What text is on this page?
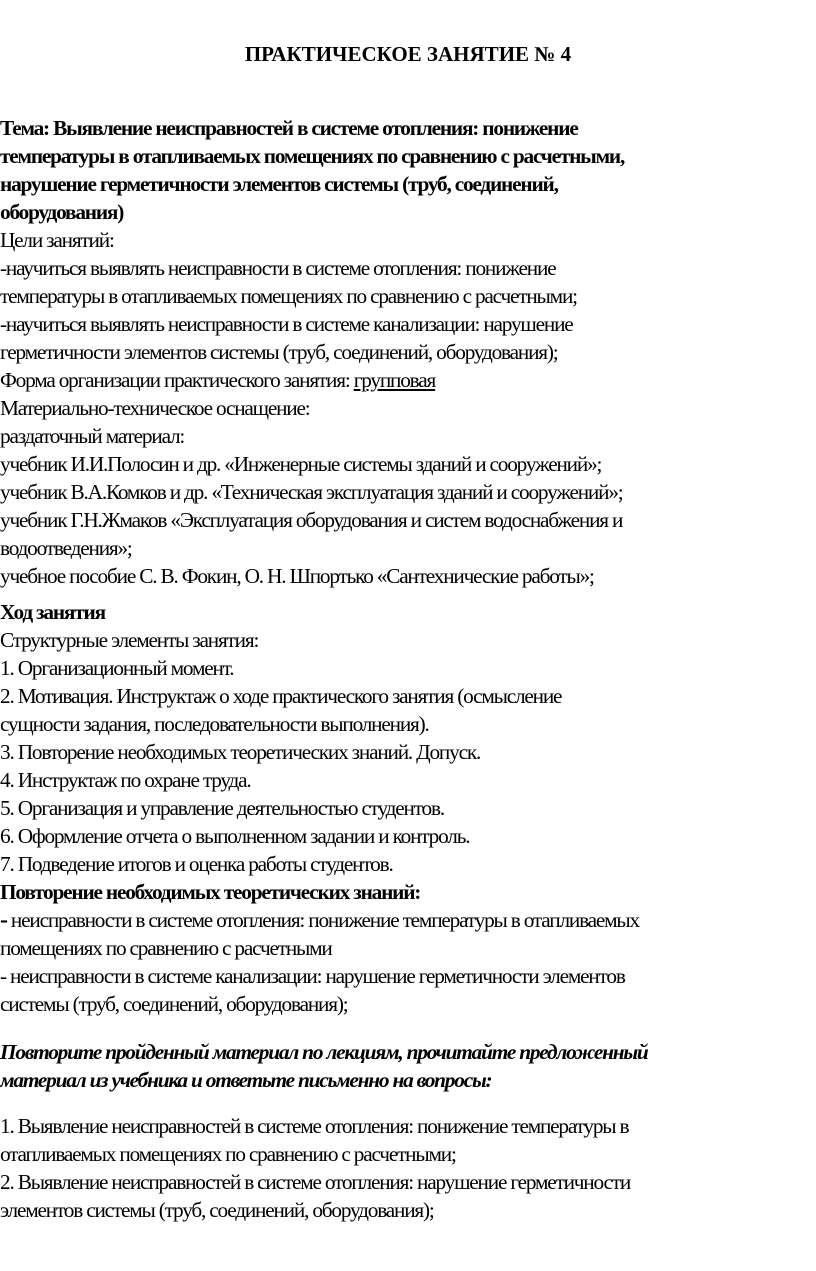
ПРАКТИЧЕСКОЕ ЗАНЯТИЕ № 4
Тема: Выявление неисправностей в системе отопления: понижение
температуры в отапливаемых помещениях по сравнению с расчетными,
нарушение герметичности элементов системы (труб, соединений,
оборудования)
Цели занятий:
-научиться выявлять неисправности в системе отопления: понижение
температуры в отапливаемых помещениях по сравнению с расчетными;
-научиться выявлять неисправности в системе канализации: нарушение
герметичности элементов системы (труб, соединений, оборудования);
Форма организации практического занятия: групповая
Материально-техническое оснащение:
раздаточный материал:
учебник И.И.Полосин и др. «Инженерные системы зданий и сооружений»;
учебник В.А.Комков и др. «Техническая эксплуатация зданий и сооружений»;
учебник Г.Н.Жмаков «Эксплуатация оборудования и систем водоснабжения и
водоотведения»;
учебное пособие С. В. Фокин, О. Н. Шпортько «Сантехнические работы»;
Ход занятия
Структурные элементы занятия:
1. Организационный момент.
2. Мотивация. Инструктаж о ходе практического занятия (осмысление
сущности задания, последовательности выполнения).
3. Повторение необходимых теоретических знаний. Допуск.
4. Инструктаж по охране труда.
5. Организация и управление деятельностью студентов.
6. Оформление отчета о выполненном задании и контроль.
7. Подведение итогов и оценка работы студентов.
Повторение необходимых теоретических знаний:
- неисправности в системе отопления: понижение температуры в отапливаемых
помещениях по сравнению с расчетными
- неисправности в системе канализации: нарушение герметичности элементов
системы (труб, соединений, оборудования);
Повторите пройденный материал по лекциям, прочитайте предложенный
материал из учебника и ответьте письменно на вопросы:
1. Выявление неисправностей в системе отопления: понижение температуры в
отапливаемых помещениях по сравнению с расчетными;
2. Выявление неисправностей в системе отопления: нарушение герметичности
элементов системы (труб, соединений, оборудования);
